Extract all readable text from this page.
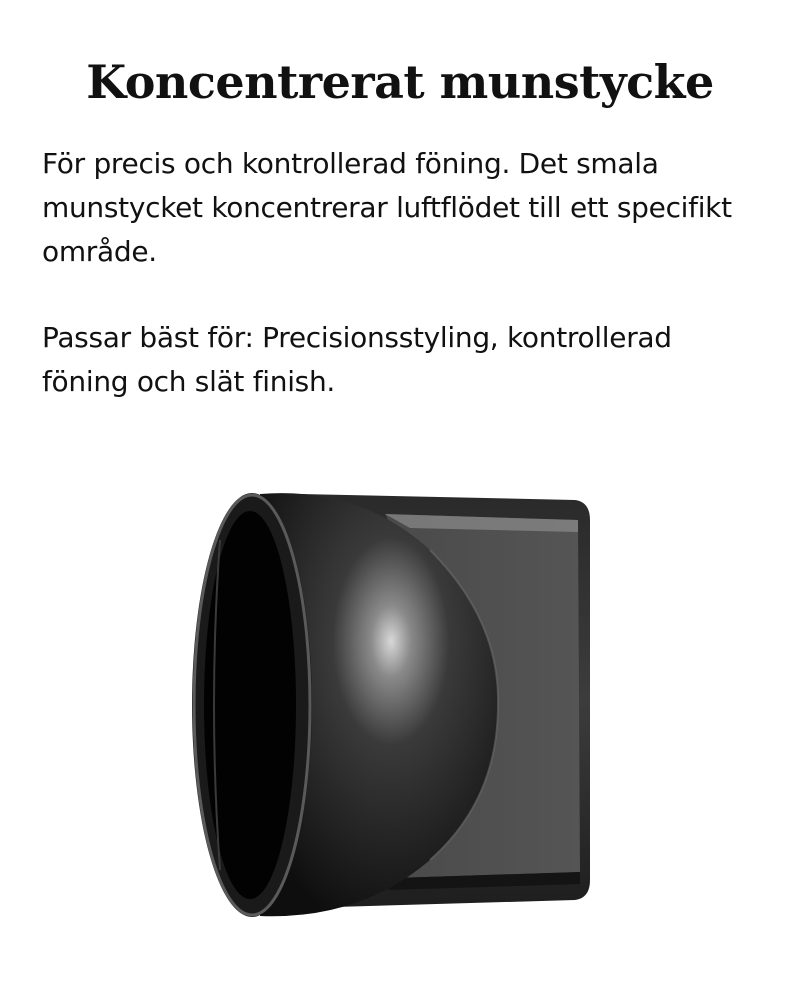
Koncentrerat munstycke

För precis och kontrollerad föning. Det smala munstycket koncentrerar luftflödet till ett specifikt område.

Passar bäst för: Precisionsstyling, kontrollerad föning och slät finish.
